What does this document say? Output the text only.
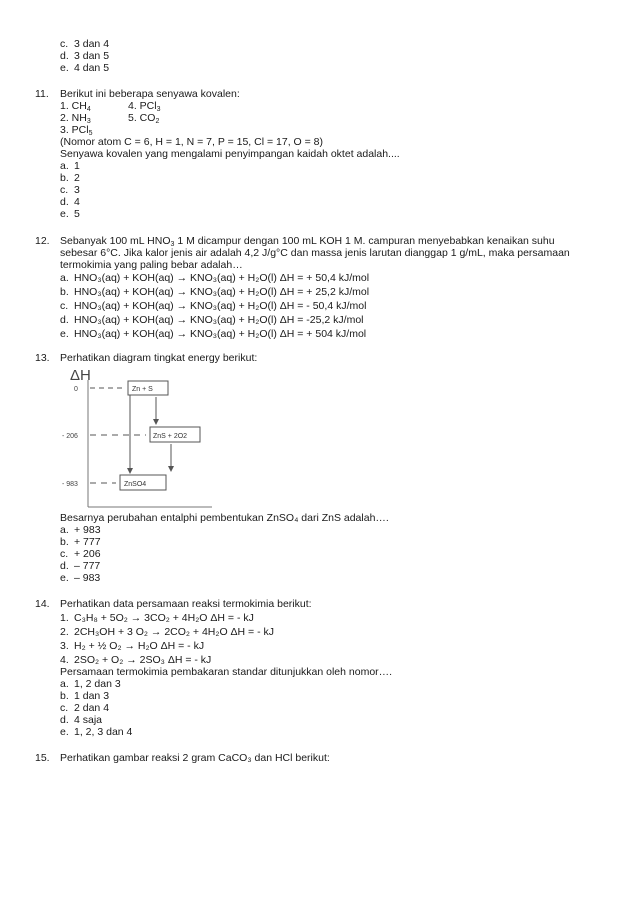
c. 3 dan 4
d. 3 dan 5
e. 4 dan 5
11. Berikut ini beberapa senyawa kovalen:
1. $CH_4$	4. PCl$_3$
2. $NH_3$	5. $CO_2$
3. PCl$_5$
(Nomor atom C = 6, H = 1, N = 7, P = 15, Cl = 17, O = 8)
Senyawa kovalen yang mengalami penyimpangan kaidah oktet adalah....
a. 1
b. 2
c. 3
d. 4
e. 5
12. Sebanyak 100 mL $HNO_3$ 1 M dicampur dengan 100 mL KOH 1 M. campuran menyebabkan kenaikan suhu
sebesar 6°C. Jika kalor jenis air adalah 4,2 J/g°C dan massa jenis larutan dianggap 1 g/mL, maka persamaan
termokimia yang paling bebar adalah…
a. HNO₃(aq) + KOH(aq) → KNO₃(aq) + H₂O(l) ΔH = + 50,4 kJ/mol
b. HNO₃(aq) + KOH(aq) → KNO₃(aq) + H₂O(l) ΔH = + 25,2 kJ/mol
c. HNO₃(aq) + KOH(aq) → KNO₃(aq) + H₂O(l) ΔH = - 50,4 kJ/mol
d. HNO₃(aq) + KOH(aq) → KNO₃(aq) + H₂O(l) ΔH = -25,2 kJ/mol
e. HNO₃(aq) + KOH(aq) → KNO₃(aq) + H₂O(l) ΔH = + 504 kJ/mol
13. Perhatikan diagram tingkat energy berikut:
ΔH
0	Zn + S
- 206	ZnS + 2O2
- 983	ZnSO4
Besarnya perubahan entalphi pembentukan ZnSO₄ dari ZnS adalah….
a. + 983
b. + 777
c. + 206
d. – 777
e. – 983
14. Perhatikan data persamaan reaksi termokimia berikut:
1. C₃H₈ + 5O₂ → 3CO₂ + 4H₂O ΔH = - kJ
2. 2CH₃OH + 3 O₂ → 2CO₂ + 4H₂O ΔH = - kJ
3. H₂ + ½ O₂ → H₂O ΔH = - kJ
4. 2SO₂ + O₂ → 2SO₃ ΔH = - kJ
Persamaan termokimia pembakaran standar ditunjukkan oleh nomor….
a. 1, 2 dan 3
b. 1 dan 3
c. 2 dan 4
d. 4 saja
e. 1, 2, 3 dan 4
15. Perhatikan gambar reaksi 2 gram CaCO₃ dan HCl berikut:
